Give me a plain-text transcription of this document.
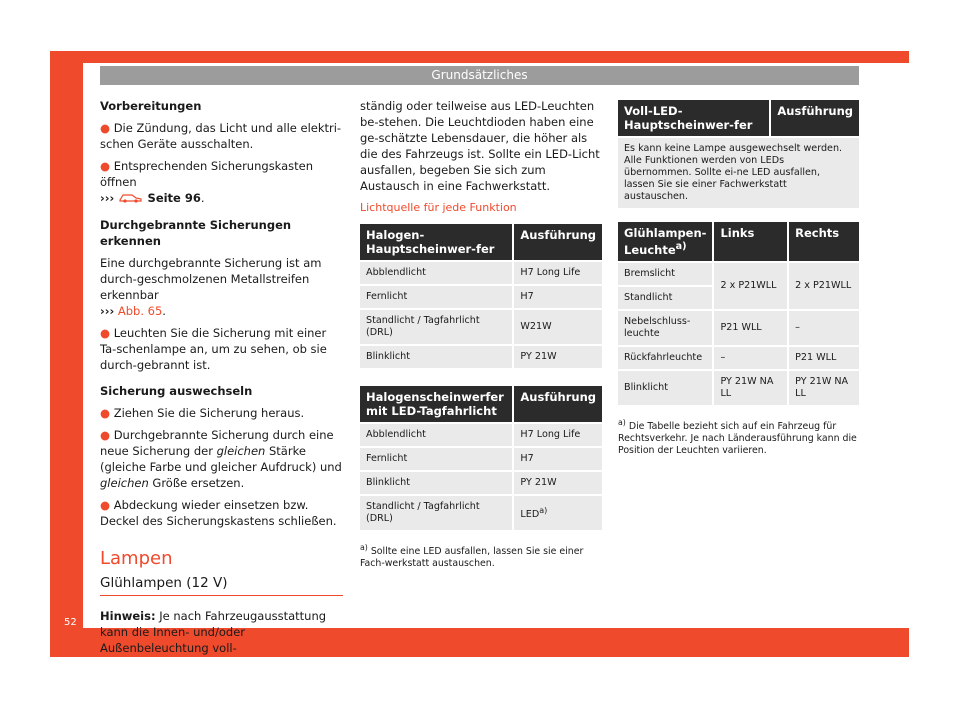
Grundsätzliches
52

Vorbereitungen

● Die Zündung, das Licht und alle elektri-schen Geräte ausschalten.

● Entsprechenden Sicherungskasten öffnen
›››	Seite 96.

Durchgebrannte Sicherungen erkennen

Eine durchgebrannte Sicherung ist am durch-geschmolzenen Metallstreifen erkennbar
››› Abb. 65.

● Leuchten Sie die Sicherung mit einer Ta-schenlampe an, um zu sehen, ob sie durch-gebrannt ist.

Sicherung auswechseln

● Ziehen Sie die Sicherung heraus.

● Durchgebrannte Sicherung durch eine neue Sicherung der gleichen Stärke (gleiche Farbe und gleicher Aufdruck) und gleichen Größe ersetzen.

● Abdeckung wieder einsetzen bzw. Deckel des Sicherungskastens schließen.

Lampen
Glühlampen (12 V)

Hinweis: Je nach Fahrzeugausstattung kann die Innen- und/oder Außenbeleuchtung voll-

ständig oder teilweise aus LED-Leuchten be-stehen. Die Leuchtdioden haben eine ge-schätzte Lebensdauer, die höher als die des Fahrzeugs ist. Sollte ein LED-Licht ausfallen, begeben Sie sich zum Austausch in eine Fachwerkstatt.

Lichtquelle für jede Funktion
Halogen-Hauptscheinwer-fer	Ausführung
Abblendlicht	H7 Long Life
Fernlicht	H7
Standlicht / Tagfahrlicht (DRL)	W21W
Blinklicht	PY 21W
Halogenscheinwerfer mit LED-Tagfahrlicht	Ausführung
Abblendlicht	H7 Long Life
Fernlicht	H7
Blinklicht	PY 21W
Standlicht / Tagfahrlicht (DRL)	LED$^{a)}$

$^{a)}$ Sollte eine LED ausfallen, lassen Sie sie einer Fach-werkstatt austauschen.

Voll-LED-Hauptscheinwer-fer	Ausführung
Es kann keine Lampe ausgewechselt werden. Alle Funktionen werden von LEDs übernommen. Sollte ei-ne LED ausfallen, lassen Sie sie einer Fachwerkstatt austauschen.
Glühlampen-Leuchte$^{a)}$	Links	Rechts
Bremslicht	2 x P21WLL	2 x P21WLL
Standlicht		
Nebelschluss-leuchte	P21 WLL	–
Rückfahrleuchte	–	P21 WLL
Blinklicht	PY 21W NA LL	PY 21W NA LL

$^{a)}$ Die Tabelle bezieht sich auf ein Fahrzeug für Rechtsverkehr. Je nach Länderausführung kann die Position der Leuchten variieren.
